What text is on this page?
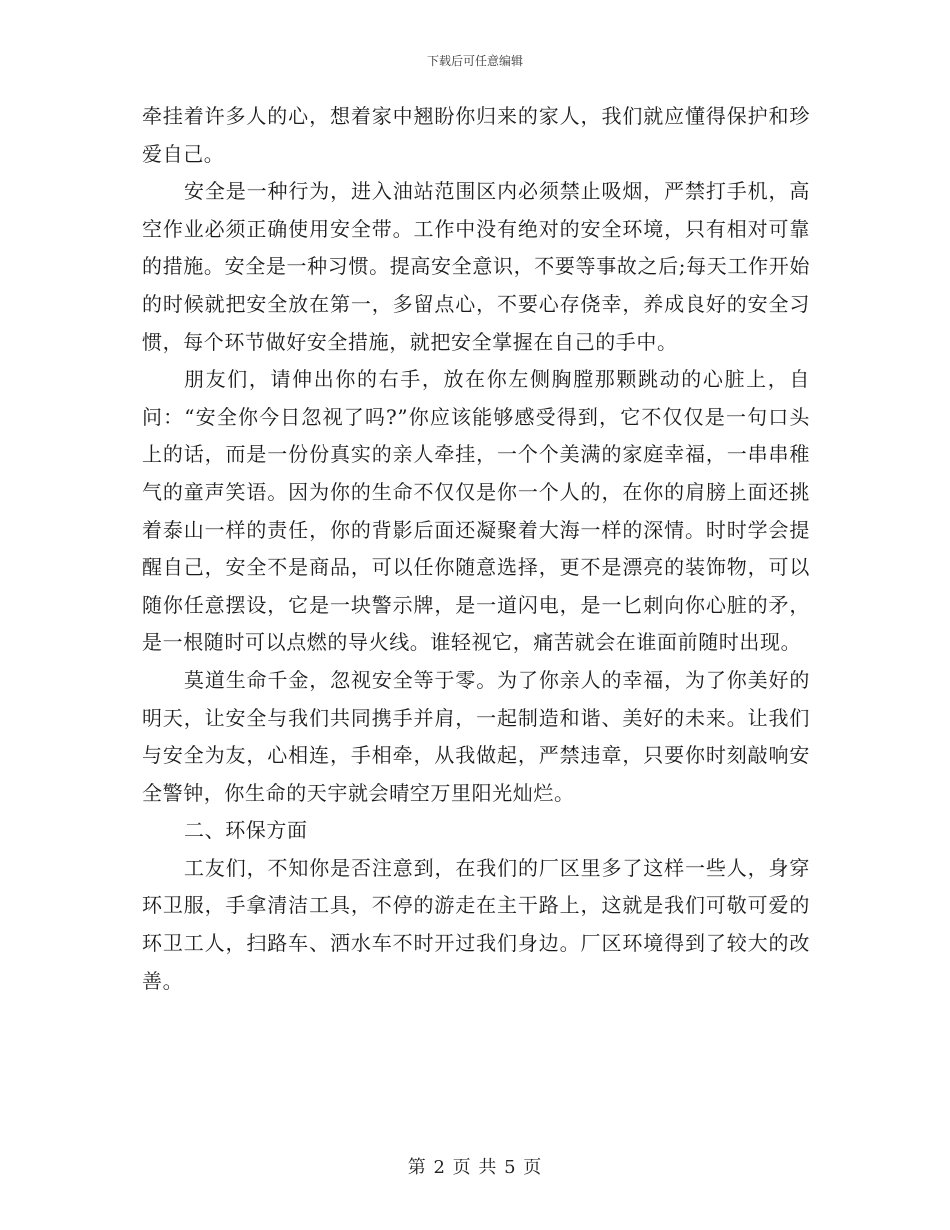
下载后可任意编辑

牵挂着许多人的心，想着家中翘盼你归来的家人，我们就应懂得保护和珍爱自己。

安全是一种行为，进入油站范围区内必须禁止吸烟，严禁打手机，高空作业必须正确使用安全带。工作中没有绝对的安全环境，只有相对可靠的措施。安全是一种习惯。提高安全意识，不要等事故之后;每天工作开始的时候就把安全放在第一，多留点心，不要心存侥幸，养成良好的安全习惯，每个环节做好安全措施，就把安全掌握在自己的手中。

朋友们，请伸出你的右手，放在你左侧胸膛那颗跳动的心脏上，自问：“安全你今日忽视了吗?”你应该能够感受得到，它不仅仅是一句口头上的话，而是一份份真实的亲人牵挂，一个个美满的家庭幸福，一串串稚气的童声笑语。因为你的生命不仅仅是你一个人的，在你的肩膀上面还挑着泰山一样的责任，你的背影后面还凝聚着大海一样的深情。时时学会提醒自己，安全不是商品，可以任你随意选择，更不是漂亮的装饰物，可以随你任意摆设，它是一块警示牌，是一道闪电，是一匕刺向你心脏的矛，是一根随时可以点燃的导火线。谁轻视它，痛苦就会在谁面前随时出现。

莫道生命千金，忽视安全等于零。为了你亲人的幸福，为了你美好的明天，让安全与我们共同携手并肩，一起制造和谐、美好的未来。让我们与安全为友，心相连，手相牵，从我做起，严禁违章，只要你时刻敲响安全警钟，你生命的天宇就会晴空万里阳光灿烂。

二、环保方面

工友们，不知你是否注意到，在我们的厂区里多了这样一些人，身穿环卫服，手拿清洁工具，不停的游走在主干路上，这就是我们可敬可爱的环卫工人，扫路车、洒水车不时开过我们身边。厂区环境得到了较大的改善。

第 2 页 共 5 页
